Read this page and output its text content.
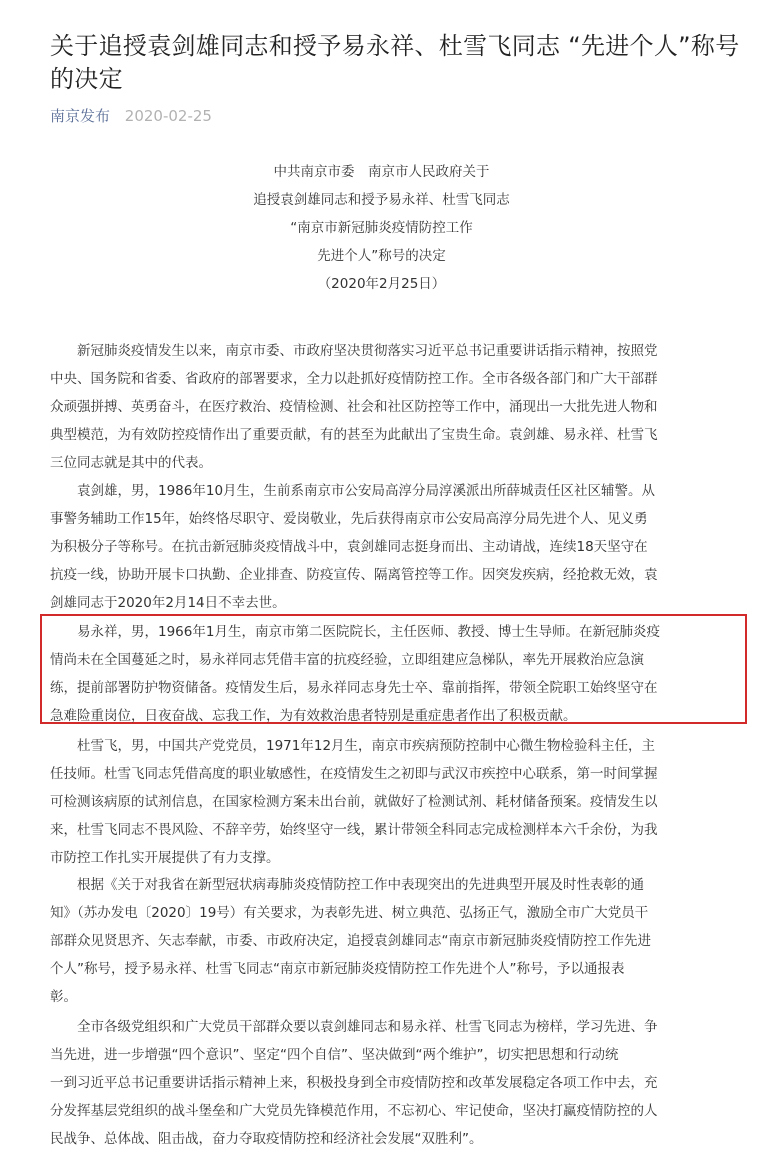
关于追授袁剑雄同志和授予易永祥、杜雪飞同志 “先进个人”称号的决定
南京发布 2020-02-25
中共南京市委　南京市人民政府关于
追授袁剑雄同志和授予易永祥、杜雪飞同志
“南京市新冠肺炎疫情防控工作
先进个人”称号的决定
（2020年2月25日）
新冠肺炎疫情发生以来，南京市委、市政府坚决贯彻落实习近平总书记重要讲话指示精神，按照党
中央、国务院和省委、省政府的部署要求，全力以赴抓好疫情防控工作。全市各级各部门和广大干部群
众顽强拼搏、英勇奋斗，在医疗救治、疫情检测、社会和社区防控等工作中，涌现出一大批先进人物和
典型模范，为有效防控疫情作出了重要贡献，有的甚至为此献出了宝贵生命。袁剑雄、易永祥、杜雪飞
三位同志就是其中的代表。
袁剑雄，男，1986年10月生，生前系南京市公安局高淳分局淳溪派出所薛城责任区社区辅警。从
事警务辅助工作15年，始终恪尽职守、爱岗敬业，先后获得南京市公安局高淳分局先进个人、见义勇
为积极分子等称号。在抗击新冠肺炎疫情战斗中，袁剑雄同志挺身而出、主动请战，连续18天坚守在
抗疫一线，协助开展卡口执勤、企业排查、防疫宣传、隔离管控等工作。因突发疾病，经抢救无效，袁
剑雄同志于2020年2月14日不幸去世。
易永祥，男，1966年1月生，南京市第二医院院长，主任医师、教授、博士生导师。在新冠肺炎疫
情尚未在全国蔓延之时，易永祥同志凭借丰富的抗疫经验，立即组建应急梯队，率先开展救治应急演
练，提前部署防护物资储备。疫情发生后，易永祥同志身先士卒、靠前指挥，带领全院职工始终坚守在
急难险重岗位，日夜奋战、忘我工作，为有效救治患者特别是重症患者作出了积极贡献。
杜雪飞，男，中国共产党党员，1971年12月生，南京市疾病预防控制中心微生物检验科主任，主
任技师。杜雪飞同志凭借高度的职业敏感性，在疫情发生之初即与武汉市疾控中心联系，第一时间掌握
可检测该病原的试剂信息，在国家检测方案未出台前，就做好了检测试剂、耗材储备预案。疫情发生以
来，杜雪飞同志不畏风险、不辞辛劳，始终坚守一线，累计带领全科同志完成检测样本六千余份，为我
市防控工作扎实开展提供了有力支撑。
根据《关于对我省在新型冠状病毒肺炎疫情防控工作中表现突出的先进典型开展及时性表彰的通
知》（苏办发电〔2020〕19号）有关要求，为表彰先进、树立典范、弘扬正气，激励全市广大党员干
部群众见贤思齐、矢志奉献，市委、市政府决定，追授袁剑雄同志“南京市新冠肺炎疫情防控工作先进
个人”称号，授予易永祥、杜雪飞同志“南京市新冠肺炎疫情防控工作先进个人”称号，予以通报表
彰。
全市各级党组织和广大党员干部群众要以袁剑雄同志和易永祥、杜雪飞同志为榜样，学习先进、争
当先进，进一步增强“四个意识”、坚定“四个自信”、坚决做到“两个维护”，切实把思想和行动统
一到习近平总书记重要讲话指示精神上来，积极投身到全市疫情防控和改革发展稳定各项工作中去，充
分发挥基层党组织的战斗堡垒和广大党员先锋模范作用，不忘初心、牢记使命，坚决打赢疫情防控的人
民战争、总体战、阻击战，奋力夺取疫情防控和经济社会发展“双胜利”。
